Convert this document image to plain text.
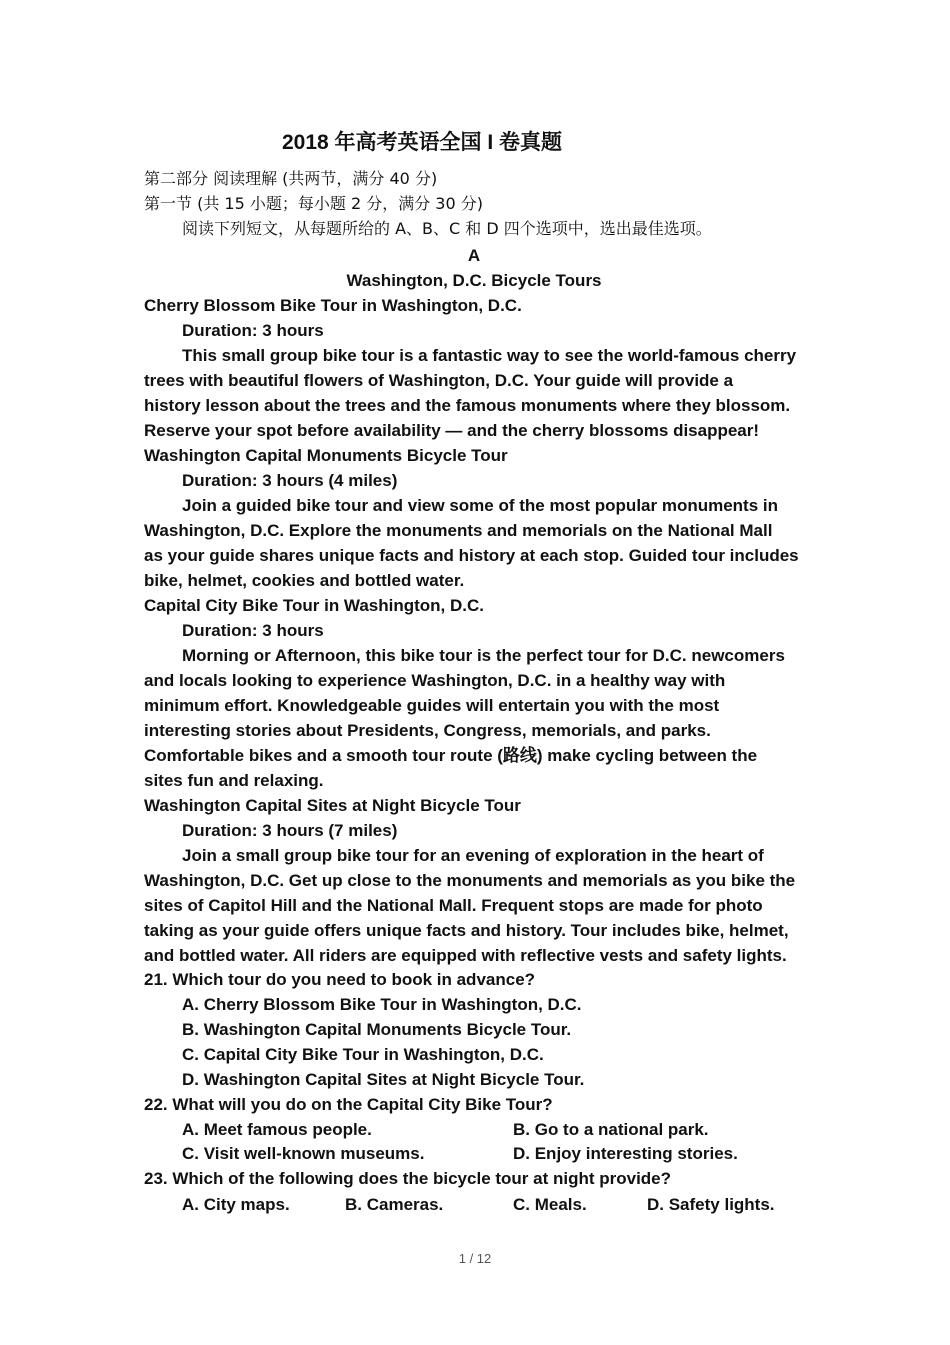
2018 年高考英语全国 I 卷真题
第二部分 阅读理解 (共两节，满分 40 分)
第一节 (共 15 小题；每小题 2 分，满分 30 分)
阅读下列短文，从每题所给的 A、B、C 和 D 四个选项中，选出最佳选项。
A
Washington, D.C. Bicycle Tours
Cherry Blossom Bike Tour in Washington, D.C.
Duration: 3 hours
This small group bike tour is a fantastic way to see the world-famous cherry
trees with beautiful flowers of Washington, D.C. Your guide will provide a
history lesson about the trees and the famous monuments where they blossom.
Reserve your spot before availability — and the cherry blossoms disappear!
Washington Capital Monuments Bicycle Tour
Duration: 3 hours (4 miles)
Join a guided bike tour and view some of the most popular monuments in
Washington, D.C. Explore the monuments and memorials on the National Mall
as your guide shares unique facts and history at each stop. Guided tour includes
bike, helmet, cookies and bottled water.
Capital City Bike Tour in Washington, D.C.
Duration: 3 hours
Morning or Afternoon, this bike tour is the perfect tour for D.C. newcomers
and locals looking to experience Washington, D.C. in a healthy way with
minimum effort. Knowledgeable guides will entertain you with the most
interesting stories about Presidents, Congress, memorials, and parks.
Comfortable bikes and a smooth tour route (路线) make cycling between the
sites fun and relaxing.
Washington Capital Sites at Night Bicycle Tour
Duration: 3 hours (7 miles)
Join a small group bike tour for an evening of exploration in the heart of
Washington, D.C. Get up close to the monuments and memorials as you bike the
sites of Capitol Hill and the National Mall. Frequent stops are made for photo
taking as your guide offers unique facts and history. Tour includes bike, helmet,
and bottled water. All riders are equipped with reflective vests and safety lights.
21. Which tour do you need to book in advance?
A. Cherry Blossom Bike Tour in Washington, D.C.
B. Washington Capital Monuments Bicycle Tour.
C. Capital City Bike Tour in Washington, D.C.
D. Washington Capital Sites at Night Bicycle Tour.
22. What will you do on the Capital City Bike Tour?
A. Meet famous people.	B. Go to a national park.
C. Visit well-known museums.	D. Enjoy interesting stories.
23. Which of the following does the bicycle tour at night provide?
A. City maps.	B. Cameras.	C. Meals.	D. Safety lights.
1 / 12
